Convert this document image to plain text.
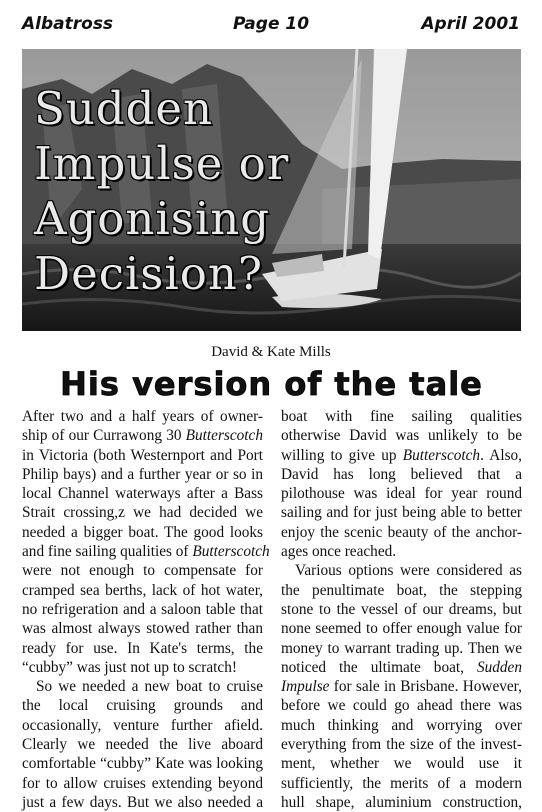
Albatross	Page 10	April 2001
Sudden
Impulse or
Agonising
Decision?
David & Kate Mills
His version of the tale
After two and a half years of owner-
ship of our Currawong 30 Butterscotch
in Victoria (both Westernport and Port
Philip bays) and a further year or so in
local Channel waterways after a Bass
Strait crossing,z we had decided we
needed a bigger boat. The good looks
and fine sailing qualities of Butterscotch
were not enough to compensate for
cramped sea berths, lack of hot water,
no refrigeration and a saloon table that
was almost always stowed rather than
ready for use. In Kate's terms, the
“cubby” was just not up to scratch!
So we needed a new boat to cruise
the local cruising grounds and
occasionally, venture further afield.
Clearly we needed the live aboard
comfortable “cubby” Kate was looking
for to allow cruises extending beyond
just a few days. But we also needed a
boat with fine sailing qualities
otherwise David was unlikely to be
willing to give up Butterscotch. Also,
David has long believed that a
pilothouse was ideal for year round
sailing and for just being able to better
enjoy the scenic beauty of the anchor-
ages once reached.
Various options were considered as
the penultimate boat, the stepping
stone to the vessel of our dreams, but
none seemed to offer enough value for
money to warrant trading up. Then we
noticed the ultimate boat, Sudden
Impulse for sale in Brisbane. However,
before we could go ahead there was
much thinking and worrying over
everything from the size of the invest-
ment, whether we would use it
sufficiently, the merits of a modern
hull shape, aluminium construction,
